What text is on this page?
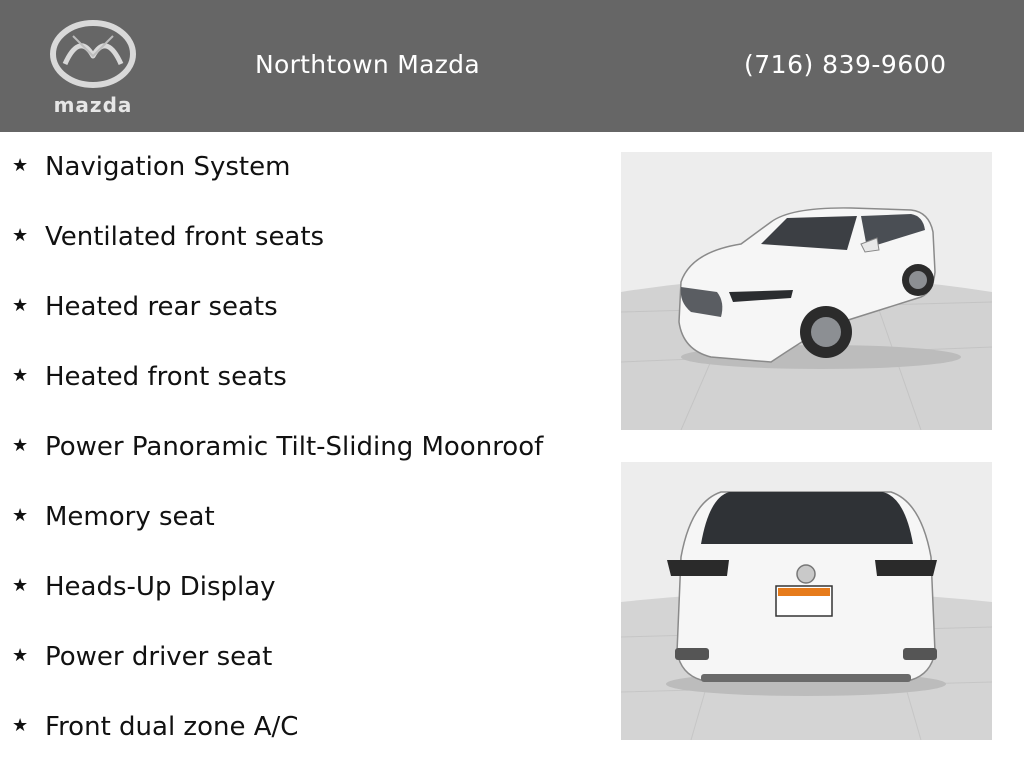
mazda
Northtown Mazda	(716) 839-9600
★ Navigation System
★ Ventilated front seats
★ Heated rear seats
★ Heated front seats
★ Power Panoramic Tilt-Sliding Moonroof
★ Memory seat
★ Heads-Up Display
★ Power driver seat
★ Front dual zone A/C
